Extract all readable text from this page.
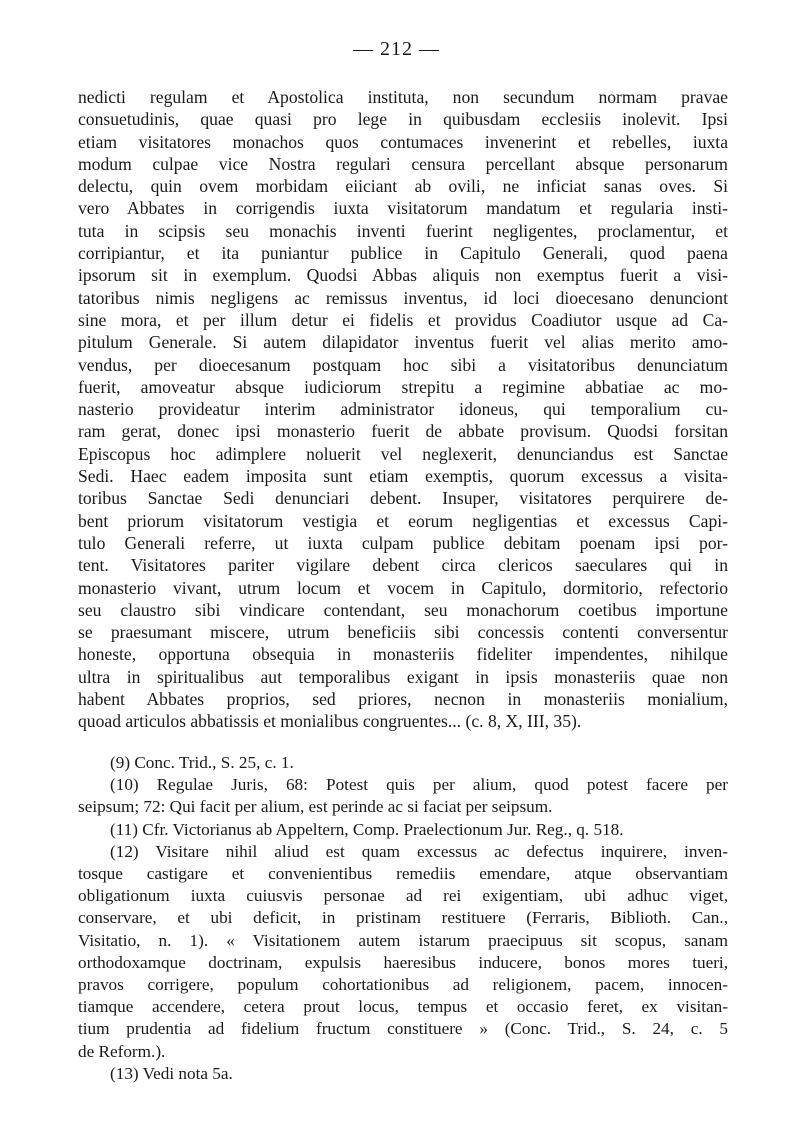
— 212 —
nedicti regulam et Apostolica instituta, non secundum normam pravae
consuetudinis, quae quasi pro lege in quibusdam ecclesiis inolevit. Ipsi
etiam visitatores monachos quos contumaces invenerint et rebelles, iuxta
modum culpae vice Nostra regulari censura percellant absque personarum
delectu, quin ovem morbidam eiiciant ab ovili, ne inficiat sanas oves. Si
vero Abbates in corrigendis iuxta visitatorum mandatum et regularia insti-
tuta in scipsis seu monachis inventi fuerint negligentes, proclamentur, et
corripiantur, et ita puniantur publice in Capitulo Generali, quod paena
ipsorum sit in exemplum. Quodsi Abbas aliquis non exemptus fuerit a visi-
tatoribus nimis negligens ac remissus inventus, id loci dioecesano denunciont
sine mora, et per illum detur ei fidelis et providus Coadiutor usque ad Ca-
pitulum Generale. Si autem dilapidator inventus fuerit vel alias merito amo-
vendus, per dioecesanum postquam hoc sibi a visitatoribus denunciatum
fuerit, amoveatur absque iudiciorum strepitu a regimine abbatiae ac mo-
nasterio provideatur interim administrator idoneus, qui temporalium cu-
ram gerat, donec ipsi monasterio fuerit de abbate provisum. Quodsi forsitan
Episcopus hoc adimplere noluerit vel neglexerit, denunciandus est Sanctae
Sedi. Haec eadem imposita sunt etiam exemptis, quorum excessus a visita-
toribus Sanctae Sedi denunciari debent. Insuper, visitatores perquirere de-
bent priorum visitatorum vestigia et eorum negligentias et excessus Capi-
tulo Generali referre, ut iuxta culpam publice debitam poenam ipsi por-
tent. Visitatores pariter vigilare debent circa clericos saeculares qui in
monasterio vivant, utrum locum et vocem in Capitulo, dormitorio, refectorio
seu claustro sibi vindicare contendant, seu monachorum coetibus importune
se praesumant miscere, utrum beneficiis sibi concessis contenti conversentur
honeste, opportuna obsequia in monasteriis fideliter impendentes, nihilque
ultra in spiritualibus aut temporalibus exigant in ipsis monasteriis quae non
habent Abbates proprios, sed priores, necnon in monasteriis monialium,
quoad articulos abbatissis et monialibus congruentes... (c. 8, X, III, 35).
(9) Conc. Trid., S. 25, c. 1.
(10) Regulae Juris, 68: Potest quis per alium, quod potest facere per
seipsum; 72: Qui facit per alium, est perinde ac si faciat per seipsum.
(11) Cfr. Victorianus ab Appeltern, Comp. Praelectionum Jur. Reg., q. 518.
(12) Visitare nihil aliud est quam excessus ac defectus inquirere, inven-
tosque castigare et convenientibus remediis emendare, atque observantiam
obligationum iuxta cuiusvis personae ad rei exigentiam, ubi adhuc viget,
conservare, et ubi deficit, in pristinam restituere (Ferraris, Biblioth. Can.,
Visitatio, n. 1). « Visitationem autem istarum praecipuus sit scopus, sanam
orthodoxamque doctrinam, expulsis haeresibus inducere, bonos mores tueri,
pravos corrigere, populum cohortationibus ad religionem, pacem, innocen-
tiamque accendere, cetera prout locus, tempus et occasio feret, ex visitan-
tium prudentia ad fidelium fructum constituere » (Conc. Trid., S. 24, c. 5
de Reform.).
(13) Vedi nota 5a.
